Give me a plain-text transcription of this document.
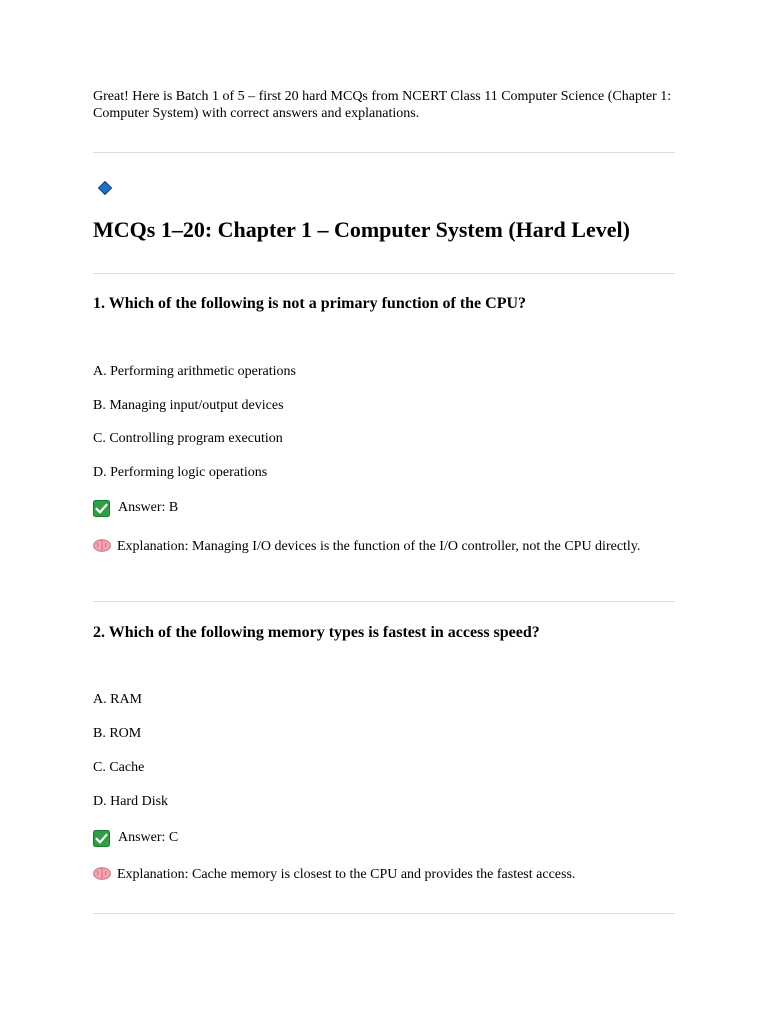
Great! Here is Batch 1 of 5 – first 20 hard MCQs from NCERT Class 11 Computer Science (Chapter 1: Computer System) with correct answers and explanations.
MCQs 1–20: Chapter 1 – Computer System (Hard Level)
1. Which of the following is not a primary function of the CPU?
A. Performing arithmetic operations
B. Managing input/output devices
C. Controlling program execution
D. Performing logic operations
Answer: B
Explanation: Managing I/O devices is the function of the I/O controller, not the CPU directly.
2. Which of the following memory types is fastest in access speed?
A. RAM
B. ROM
C. Cache
D. Hard Disk
Answer: C
Explanation: Cache memory is closest to the CPU and provides the fastest access.
